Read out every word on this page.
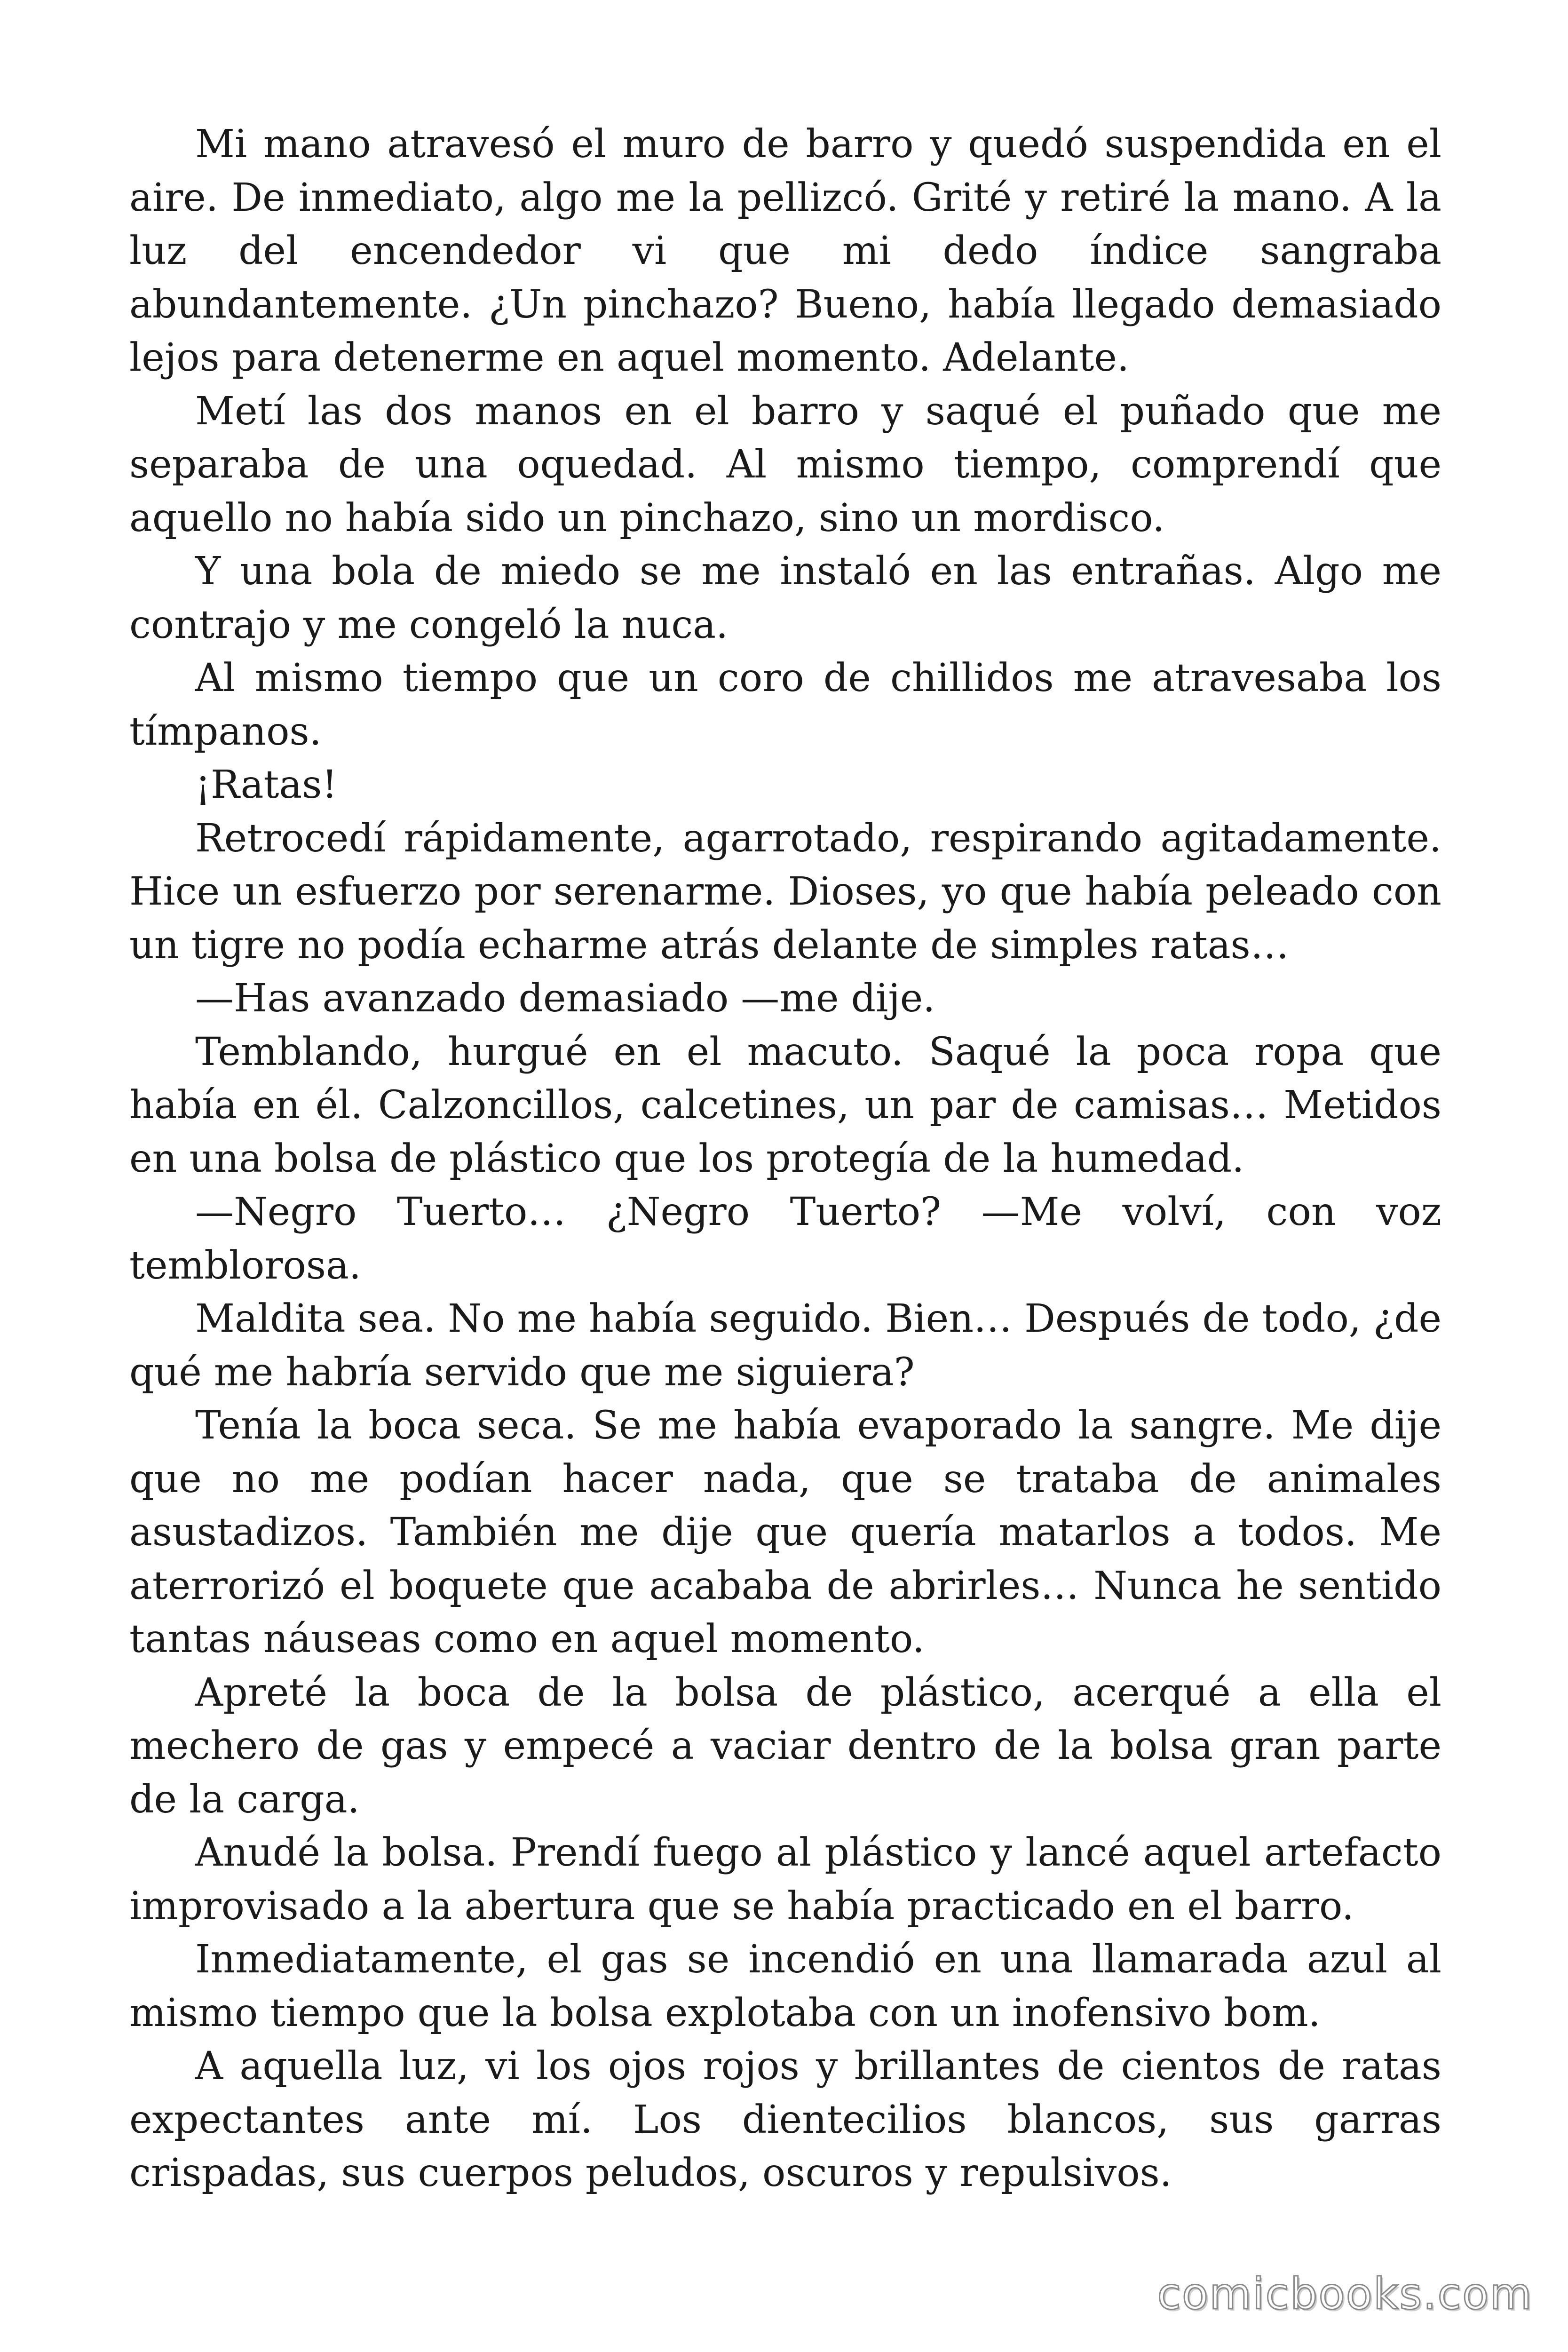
Mi mano atravesó el muro de barro y quedó suspendida en el aire. De inmediato, algo me la pellizcó. Grité y retiré la mano. A la luz del encendedor vi que mi dedo índice sangraba abundantemente. ¿Un pinchazo? Bueno, había llegado demasiado lejos para detenerme en aquel momento. Adelante.

Metí las dos manos en el barro y saqué el puñado que me separaba de una oquedad. Al mismo tiempo, comprendí que aquello no había sido un pinchazo, sino un mordisco.

Y una bola de miedo se me instaló en las entrañas. Algo me contrajo y me congeló la nuca.

Al mismo tiempo que un coro de chillidos me atravesaba los tímpanos.

¡Ratas!

Retrocedí rápidamente, agarrotado, respirando agitadamente. Hice un esfuerzo por serenarme. Dioses, yo que había peleado con un tigre no podía echarme atrás delante de simples ratas…

—Has avanzado demasiado —me dije.

Temblando, hurgué en el macuto. Saqué la poca ropa que había en él. Calzoncillos, calcetines, un par de camisas… Metidos en una bolsa de plástico que los protegía de la humedad.

—Negro Tuerto… ¿Negro Tuerto? —Me volví, con voz temblorosa.

Maldita sea. No me había seguido. Bien… Después de todo, ¿de qué me habría servido que me siguiera?

Tenía la boca seca. Se me había evaporado la sangre. Me dije que no me podían hacer nada, que se trataba de animales asustadizos. También me dije que quería matarlos a todos. Me aterrorizó el boquete que acababa de abrirles… Nunca he sentido tantas náuseas como en aquel momento.

Apreté la boca de la bolsa de plástico, acerqué a ella el mechero de gas y empecé a vaciar dentro de la bolsa gran parte de la carga.

Anudé la bolsa. Prendí fuego al plástico y lancé aquel artefacto improvisado a la abertura que se había practicado en el barro.

Inmediatamente, el gas se incendió en una llamarada azul al mismo tiempo que la bolsa explotaba con un inofensivo bom.

A aquella luz, vi los ojos rojos y brillantes de cientos de ratas expectantes ante mí. Los dientecilios blancos, sus garras crispadas, sus cuerpos peludos, oscuros y repulsivos.

comicbooks.com
